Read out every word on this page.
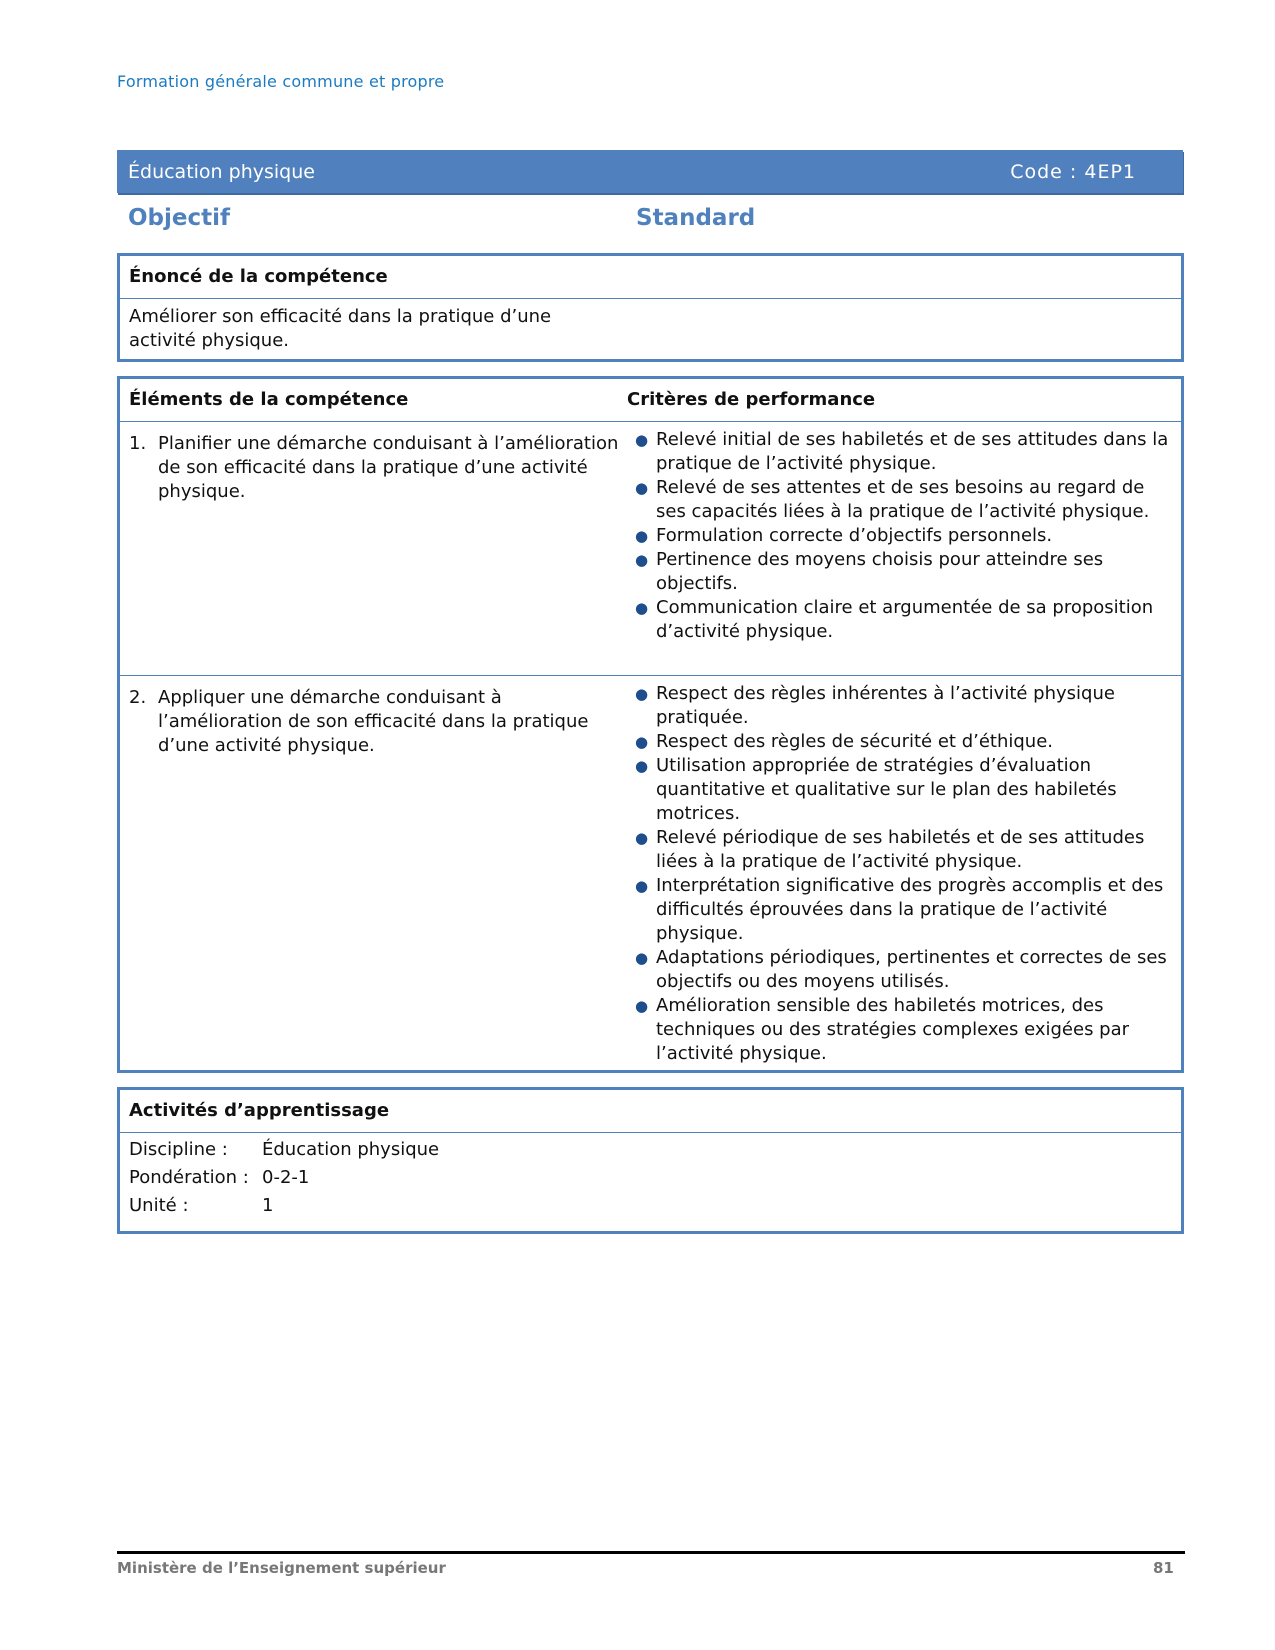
Formation générale commune et propre
Éducation physique	Code : 4EP1
Objectif	Standard
Énoncé de la compétence
Améliorer son efficacité dans la pratique d’une
activité physique.
Éléments de la compétence	Critères de performance
1. Planifier une démarche conduisant à l’amélioration de son efficacité dans la pratique d’une activité physique.
● Relevé initial de ses habiletés et de ses attitudes dans la pratique de l’activité physique.
● Relevé de ses attentes et de ses besoins au regard de ses capacités liées à la pratique de l’activité physique.
● Formulation correcte d’objectifs personnels.
● Pertinence des moyens choisis pour atteindre ses objectifs.
● Communication claire et argumentée de sa proposition d’activité physique.
2. Appliquer une démarche conduisant à l’amélioration de son efficacité dans la pratique d’une activité physique.
● Respect des règles inhérentes à l’activité physique pratiquée.
● Respect des règles de sécurité et d’éthique.
● Utilisation appropriée de stratégies d’évaluation quantitative et qualitative sur le plan des habiletés motrices.
● Relevé périodique de ses habiletés et de ses attitudes liées à la pratique de l’activité physique.
● Interprétation significative des progrès accomplis et des difficultés éprouvées dans la pratique de l’activité physique.
● Adaptations périodiques, pertinentes et correctes de ses objectifs ou des moyens utilisés.
● Amélioration sensible des habiletés motrices, des techniques ou des stratégies complexes exigées par l’activité physique.
Activités d’apprentissage
Discipline :	Éducation physique
Pondération : 0-2-1
Unité :	1
Ministère de l’Enseignement supérieur	81
